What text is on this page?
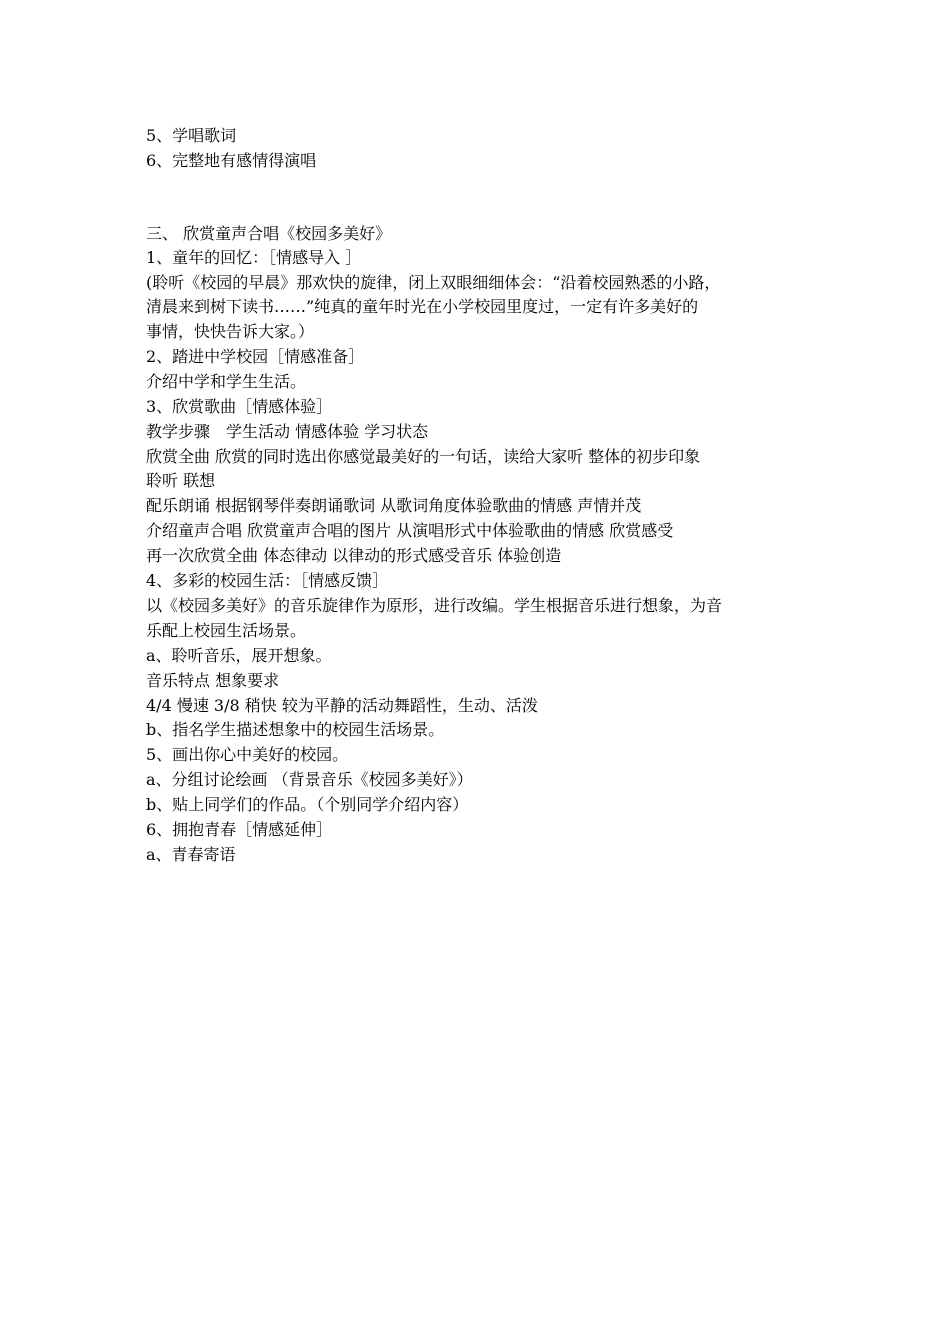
5、学唱歌词
6、完整地有感情得演唱
三、 欣赏童声合唱《校园多美好》
1、童年的回忆：［情感导入 ］
(聆听《校园的早晨》那欢快的旋律，闭上双眼细细体会：“沿着校园熟悉的小路，
清晨来到树下读书……”纯真的童年时光在小学校园里度过，一定有许多美好的
事情，快快告诉大家。）
2、踏进中学校园［情感准备］
介绍中学和学生生活。
3、欣赏歌曲［情感体验］
教学步骤　学生活动 情感体验 学习状态
欣赏全曲 欣赏的同时选出你感觉最美好的一句话，读给大家听 整体的初步印象
聆听 联想
配乐朗诵 根据钢琴伴奏朗诵歌词 从歌词角度体验歌曲的情感 声情并茂
介绍童声合唱 欣赏童声合唱的图片 从演唱形式中体验歌曲的情感 欣赏感受
再一次欣赏全曲 体态律动 以律动的形式感受音乐 体验创造
4、多彩的校园生活：［情感反馈］
以《校园多美好》的音乐旋律作为原形，进行改编。学生根据音乐进行想象，为音
乐配上校园生活场景。
a、聆听音乐，展开想象。
音乐特点 想象要求
4/4 慢速 3/8 稍快 较为平静的活动舞蹈性，生动、活泼
b、指名学生描述想象中的校园生活场景。
5、画出你心中美好的校园。
a、分组讨论绘画 （背景音乐《校园多美好》）
b、贴上同学们的作品。（个别同学介绍内容）
6、拥抱青春［情感延伸］
a、青春寄语
